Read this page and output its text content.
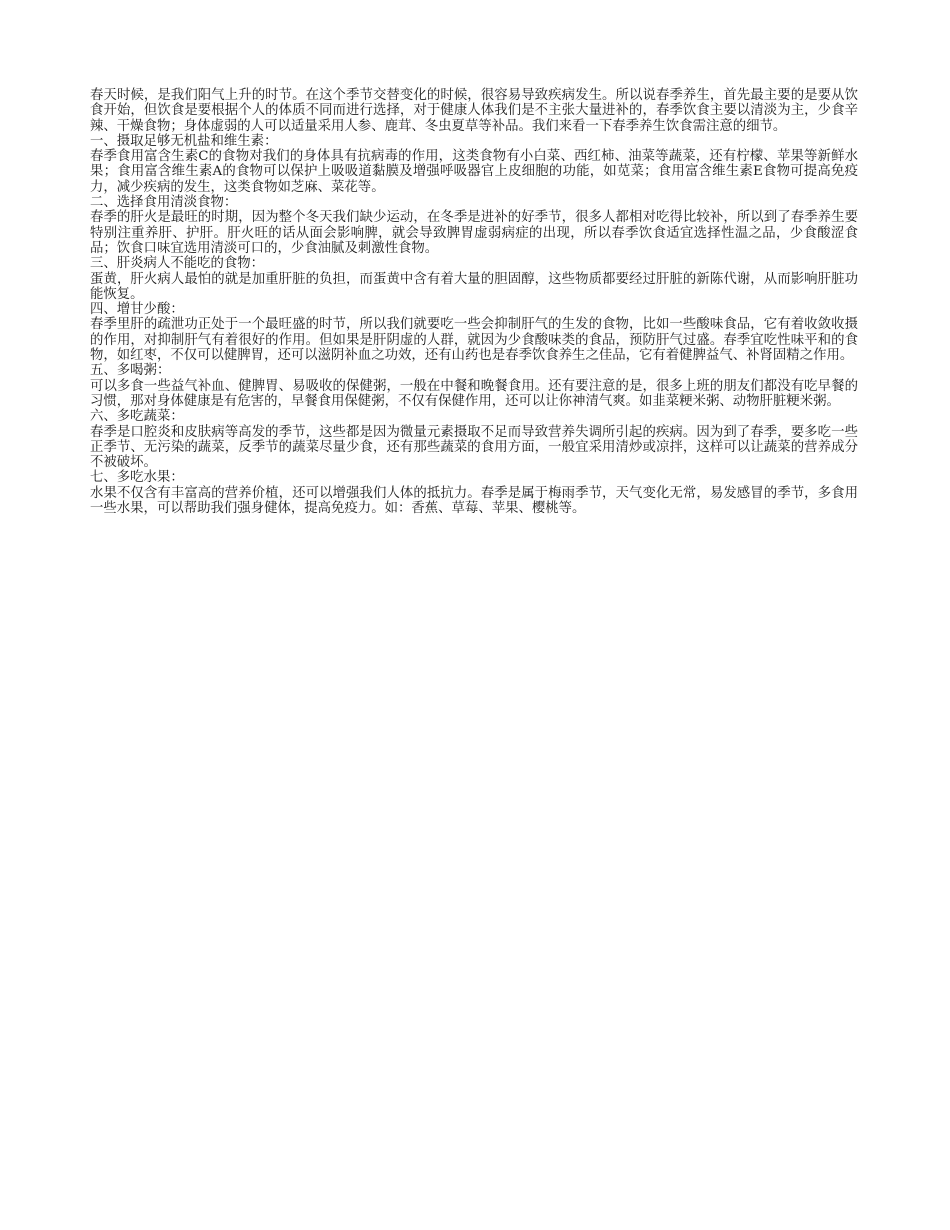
春天时候，是我们阳气上升的时节。在这个季节交替变化的时候，很容易导致疾病发生。所以说春季养生，首先最主要的是要从饮食开始，但饮食是要根据个人的体质不同而进行选择，对于健康人体我们是不主张大量进补的，春季饮食主要以清淡为主，少食辛辣、干燥食物；身体虚弱的人可以适量采用人参、鹿茸、冬虫夏草等补品。我们来看一下春季养生饮食需注意的细节。

一、摄取足够无机盐和维生素：

春季食用富含生素C的食物对我们的身体具有抗病毒的作用，这类食物有小白菜、西红柿、油菜等蔬菜，还有柠檬、苹果等新鲜水果；食用富含维生素A的食物可以保护上吸吸道黏膜及增强呼吸器官上皮细胞的功能，如苋菜；食用富含维生素E食物可提高免疫力，减少疾病的发生，这类食物如芝麻、菜花等。

二、选择食用清淡食物：

春季的肝火是最旺的时期，因为整个冬天我们缺少运动，在冬季是进补的好季节，很多人都相对吃得比较补，所以到了春季养生要特别注重养肝、护肝。肝火旺的话从面会影响脾，就会导致脾胃虚弱病症的出现，所以春季饮食适宜选择性温之品，少食酸涩食品；饮食口味宜选用清淡可口的，少食油腻及刺激性食物。

三、肝炎病人不能吃的食物：

蛋黄，肝火病人最怕的就是加重肝脏的负担，而蛋黄中含有着大量的胆固醇，这些物质都要经过肝脏的新陈代谢，从而影响肝脏功能恢复。

四、增甘少酸：

春季里肝的疏泄功正处于一个最旺盛的时节，所以我们就要吃一些会抑制肝气的生发的食物，比如一些酸味食品，它有着收敛收摄的作用，对抑制肝气有着很好的作用。但如果是肝阴虚的人群，就因为少食酸味类的食品，预防肝气过盛。春季宜吃性味平和的食物，如红枣，不仅可以健脾胃，还可以滋阴补血之功效，还有山药也是春季饮食养生之佳品，它有着健脾益气、补肾固精之作用。

五、多喝粥：

可以多食一些益气补血、健脾胃、易吸收的保健粥，一般在中餐和晚餐食用。还有要注意的是，很多上班的朋友们都没有吃早餐的习惯，那对身体健康是有危害的，早餐食用保健粥，不仅有保健作用，还可以让你神清气爽。如韭菜粳米粥、动物肝脏粳米粥。

六、多吃蔬菜：

春季是口腔炎和皮肤病等高发的季节，这些都是因为微量元素摄取不足而导致营养失调所引起的疾病。因为到了春季，要多吃一些正季节、无污染的蔬菜，反季节的蔬菜尽量少食，还有那些蔬菜的食用方面，一般宜采用清炒或凉拌，这样可以让蔬菜的营养成分不被破坏。

七、多吃水果：

水果不仅含有丰富高的营养价植，还可以增强我们人体的抵抗力。春季是属于梅雨季节，天气变化无常，易发感冒的季节，多食用一些水果，可以帮助我们强身健体，提高免疫力。如：香蕉、草莓、苹果、樱桃等。
